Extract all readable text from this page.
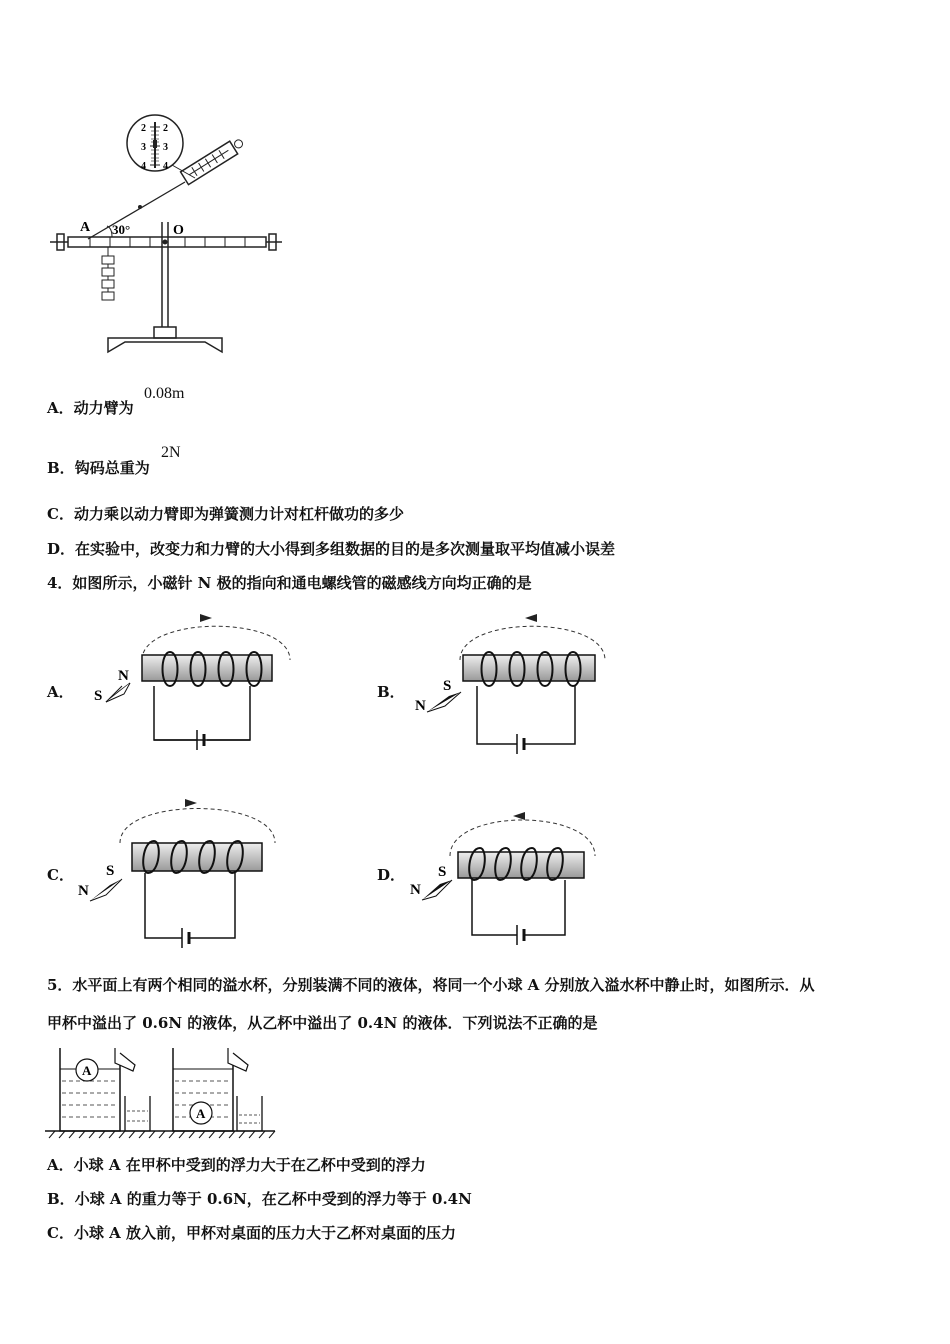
2 2
3 3
4 4
A 30°	O
A．动力臂为
0.08m
B．钩码总重为
2N
C．动力乘以动力臂即为弹簧测力计对杠杆做功的多少
D．在实验中，改变力和力臂的大小得到多组数据的目的是多次测量取平均值减小误差
4．如图所示，小磁针 N 极的指向和通电螺线管的磁感线方向均正确的是
A．	B．
C．	D．
N
S
N
S
N
S
N
S
5．水平面上有两个相同的溢水杯，分别装满不同的液体，将同一个小球 A 分别放入溢水杯中静止时，如图所示．从
甲杯中溢出了 0.6N 的液体，从乙杯中溢出了 0.4N 的液体．下列说法不正确的是
A
A
A．小球 A 在甲杯中受到的浮力大于在乙杯中受到的浮力
B．小球 A 的重力等于 0.6N，在乙杯中受到的浮力等于 0.4N
C．小球 A 放入前，甲杯对桌面的压力大于乙杯对桌面的压力
